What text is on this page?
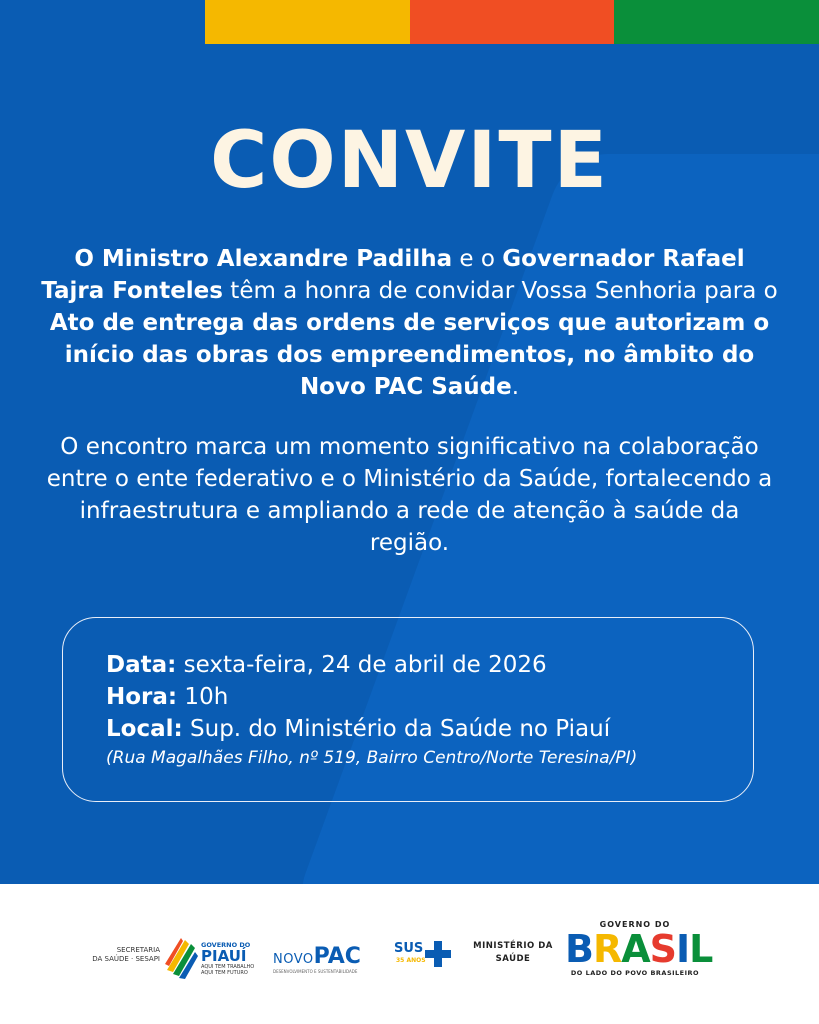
CONVITE
O Ministro Alexandre Padilha e o Governador Rafael Tajra Fonteles têm a honra de convidar Vossa Senhoria para o Ato de entrega das ordens de serviços que autorizam o início das obras dos empreendimentos, no âmbito do Novo PAC Saúde.
O encontro marca um momento significativo na colaboração entre o ente federativo e o Ministério da Saúde, fortalecendo a infraestrutura e ampliando a rede de atenção à saúde da região.
Data: sexta-feira, 24 de abril de 2026
Hora: 10h
Local: Sup. do Ministério da Saúde no Piauí
(Rua Magalhães Filho, nº 519, Bairro Centro/Norte Teresina/PI)
SECRETARIA
DA SAÚDE · SESAPI
GOVERNO DO
PIAUÍ
AQUI TEM TRABALHO
AQUI TEM FUTURO
NOVOPAC
DESENVOLVIMENTO E SUSTENTABILIDADE
SUS
35 ANOS
MINISTÉRIO DA
SAÚDE
GOVERNO DO
BRASIL
DO LADO DO POVO BRASILEIRO
